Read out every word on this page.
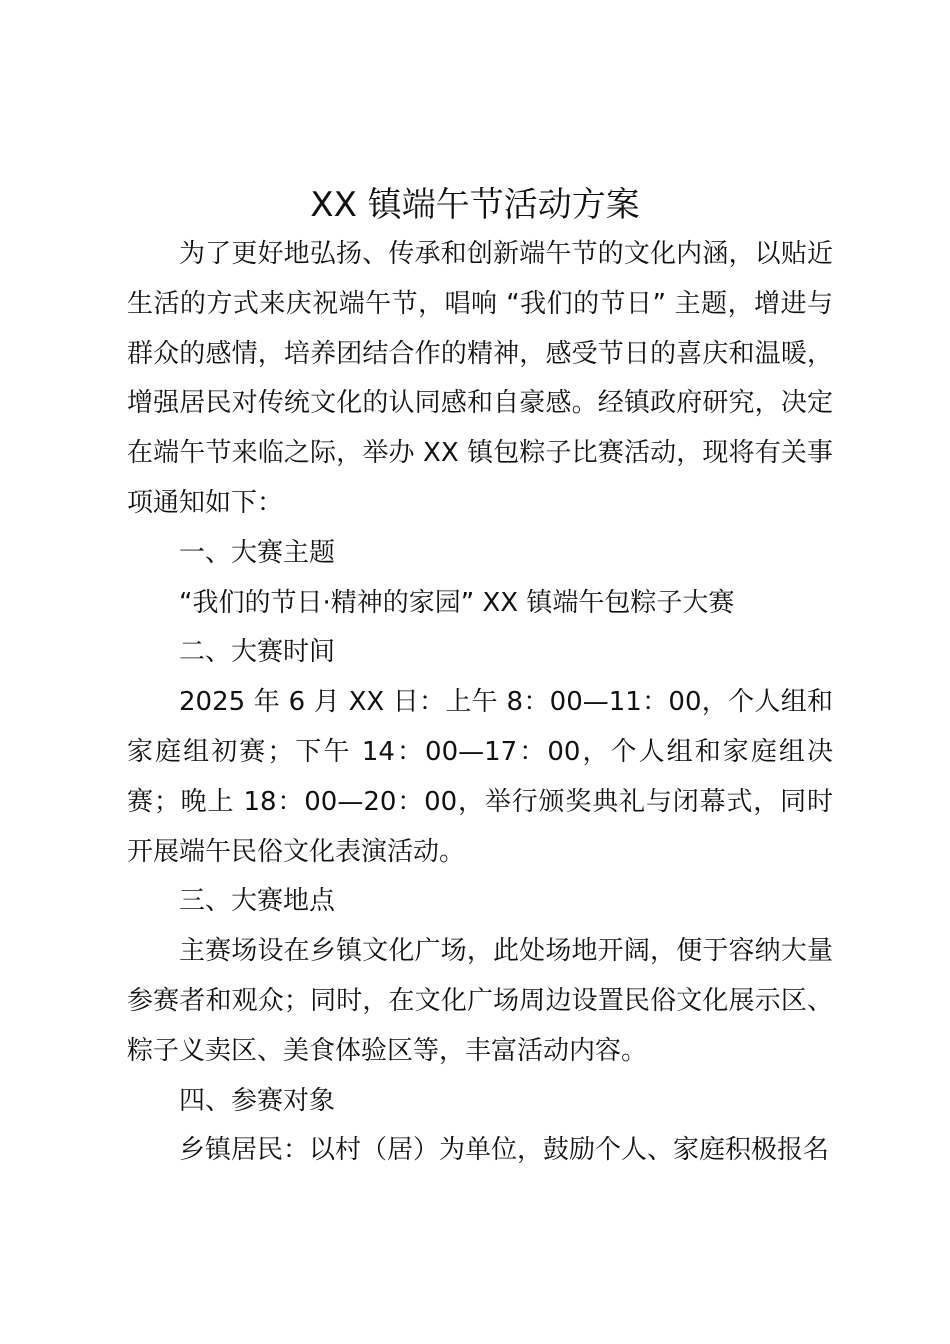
XX 镇端午节活动方案

为了更好地弘扬、传承和创新端午节的文化内涵，以贴近生活的方式来庆祝端午节，唱响 “我们的节日” 主题，增进与群众的感情，培养团结合作的精神，感受节日的喜庆和温暖，增强居民对传统文化的认同感和自豪感。经镇政府研究，决定在端午节来临之际，举办 XX 镇包粽子比赛活动，现将有关事项通知如下：

一、大赛主题

“我们的节日·精神的家园” XX 镇端午包粽子大赛

二、大赛时间

2025 年 6 月 XX 日：上午 8：00—11：00，个人组和家庭组初赛；下午 14：00—17：00，个人组和家庭组决赛；晚上 18：00—20：00，举行颁奖典礼与闭幕式，同时开展端午民俗文化表演活动。

三、大赛地点

主赛场设在乡镇文化广场，此处场地开阔，便于容纳大量参赛者和观众；同时，在文化广场周边设置民俗文化展示区、粽子义卖区、美食体验区等，丰富活动内容。

四、参赛对象

乡镇居民：以村（居）为单位，鼓励个人、家庭积极报名
